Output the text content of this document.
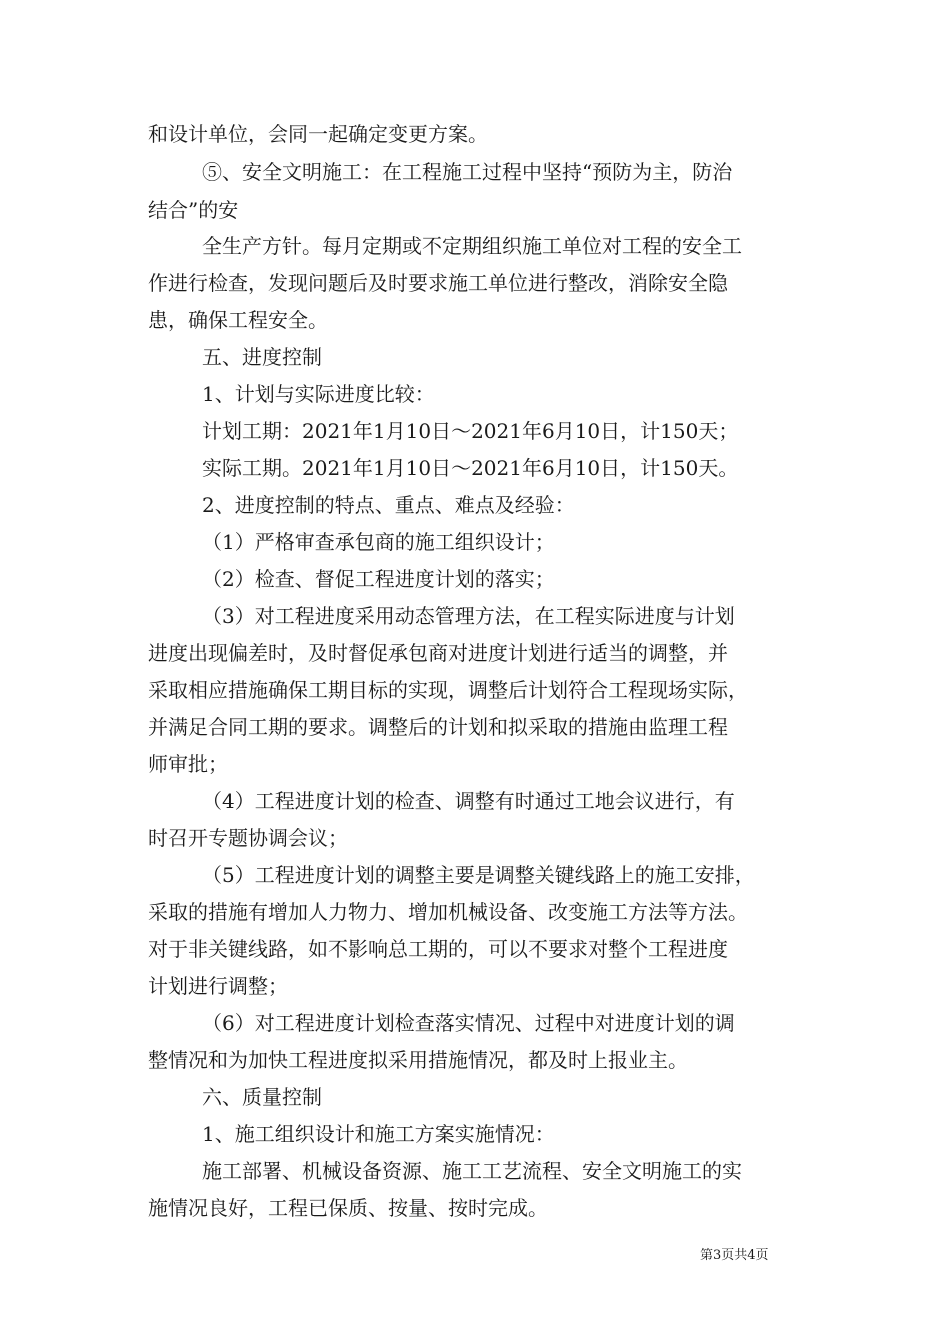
和设计单位，会同一起确定变更方案。
⑤、安全文明施工：在工程施工过程中坚持“预防为主，防治
结合”的安
全生产方针。每月定期或不定期组织施工单位对工程的安全工
作进行检查，发现问题后及时要求施工单位进行整改，消除安全隐
患，确保工程安全。
五、进度控制
1、计划与实际进度比较：
计划工期：2021年1月10日～2021年6月10日，计150天；
实际工期。2021年1月10日～2021年6月10日，计150天。
2、进度控制的特点、重点、难点及经验：
（1）严格审查承包商的施工组织设计；
（2）检查、督促工程进度计划的落实；
（3）对工程进度采用动态管理方法，在工程实际进度与计划
进度出现偏差时，及时督促承包商对进度计划进行适当的调整，并
采取相应措施确保工期目标的实现，调整后计划符合工程现场实际，
并满足合同工期的要求。调整后的计划和拟采取的措施由监理工程
师审批；
（4）工程进度计划的检查、调整有时通过工地会议进行，有
时召开专题协调会议；
（5）工程进度计划的调整主要是调整关键线路上的施工安排，
采取的措施有增加人力物力、增加机械设备、改变施工方法等方法。
对于非关键线路，如不影响总工期的，可以不要求对整个工程进度
计划进行调整；
（6）对工程进度计划检查落实情况、过程中对进度计划的调
整情况和为加快工程进度拟采用措施情况，都及时上报业主。
六、质量控制
1、施工组织设计和施工方案实施情况：
施工部署、机械设备资源、施工工艺流程、安全文明施工的实
施情况良好，工程已保质、按量、按时完成。
第3页共4页
